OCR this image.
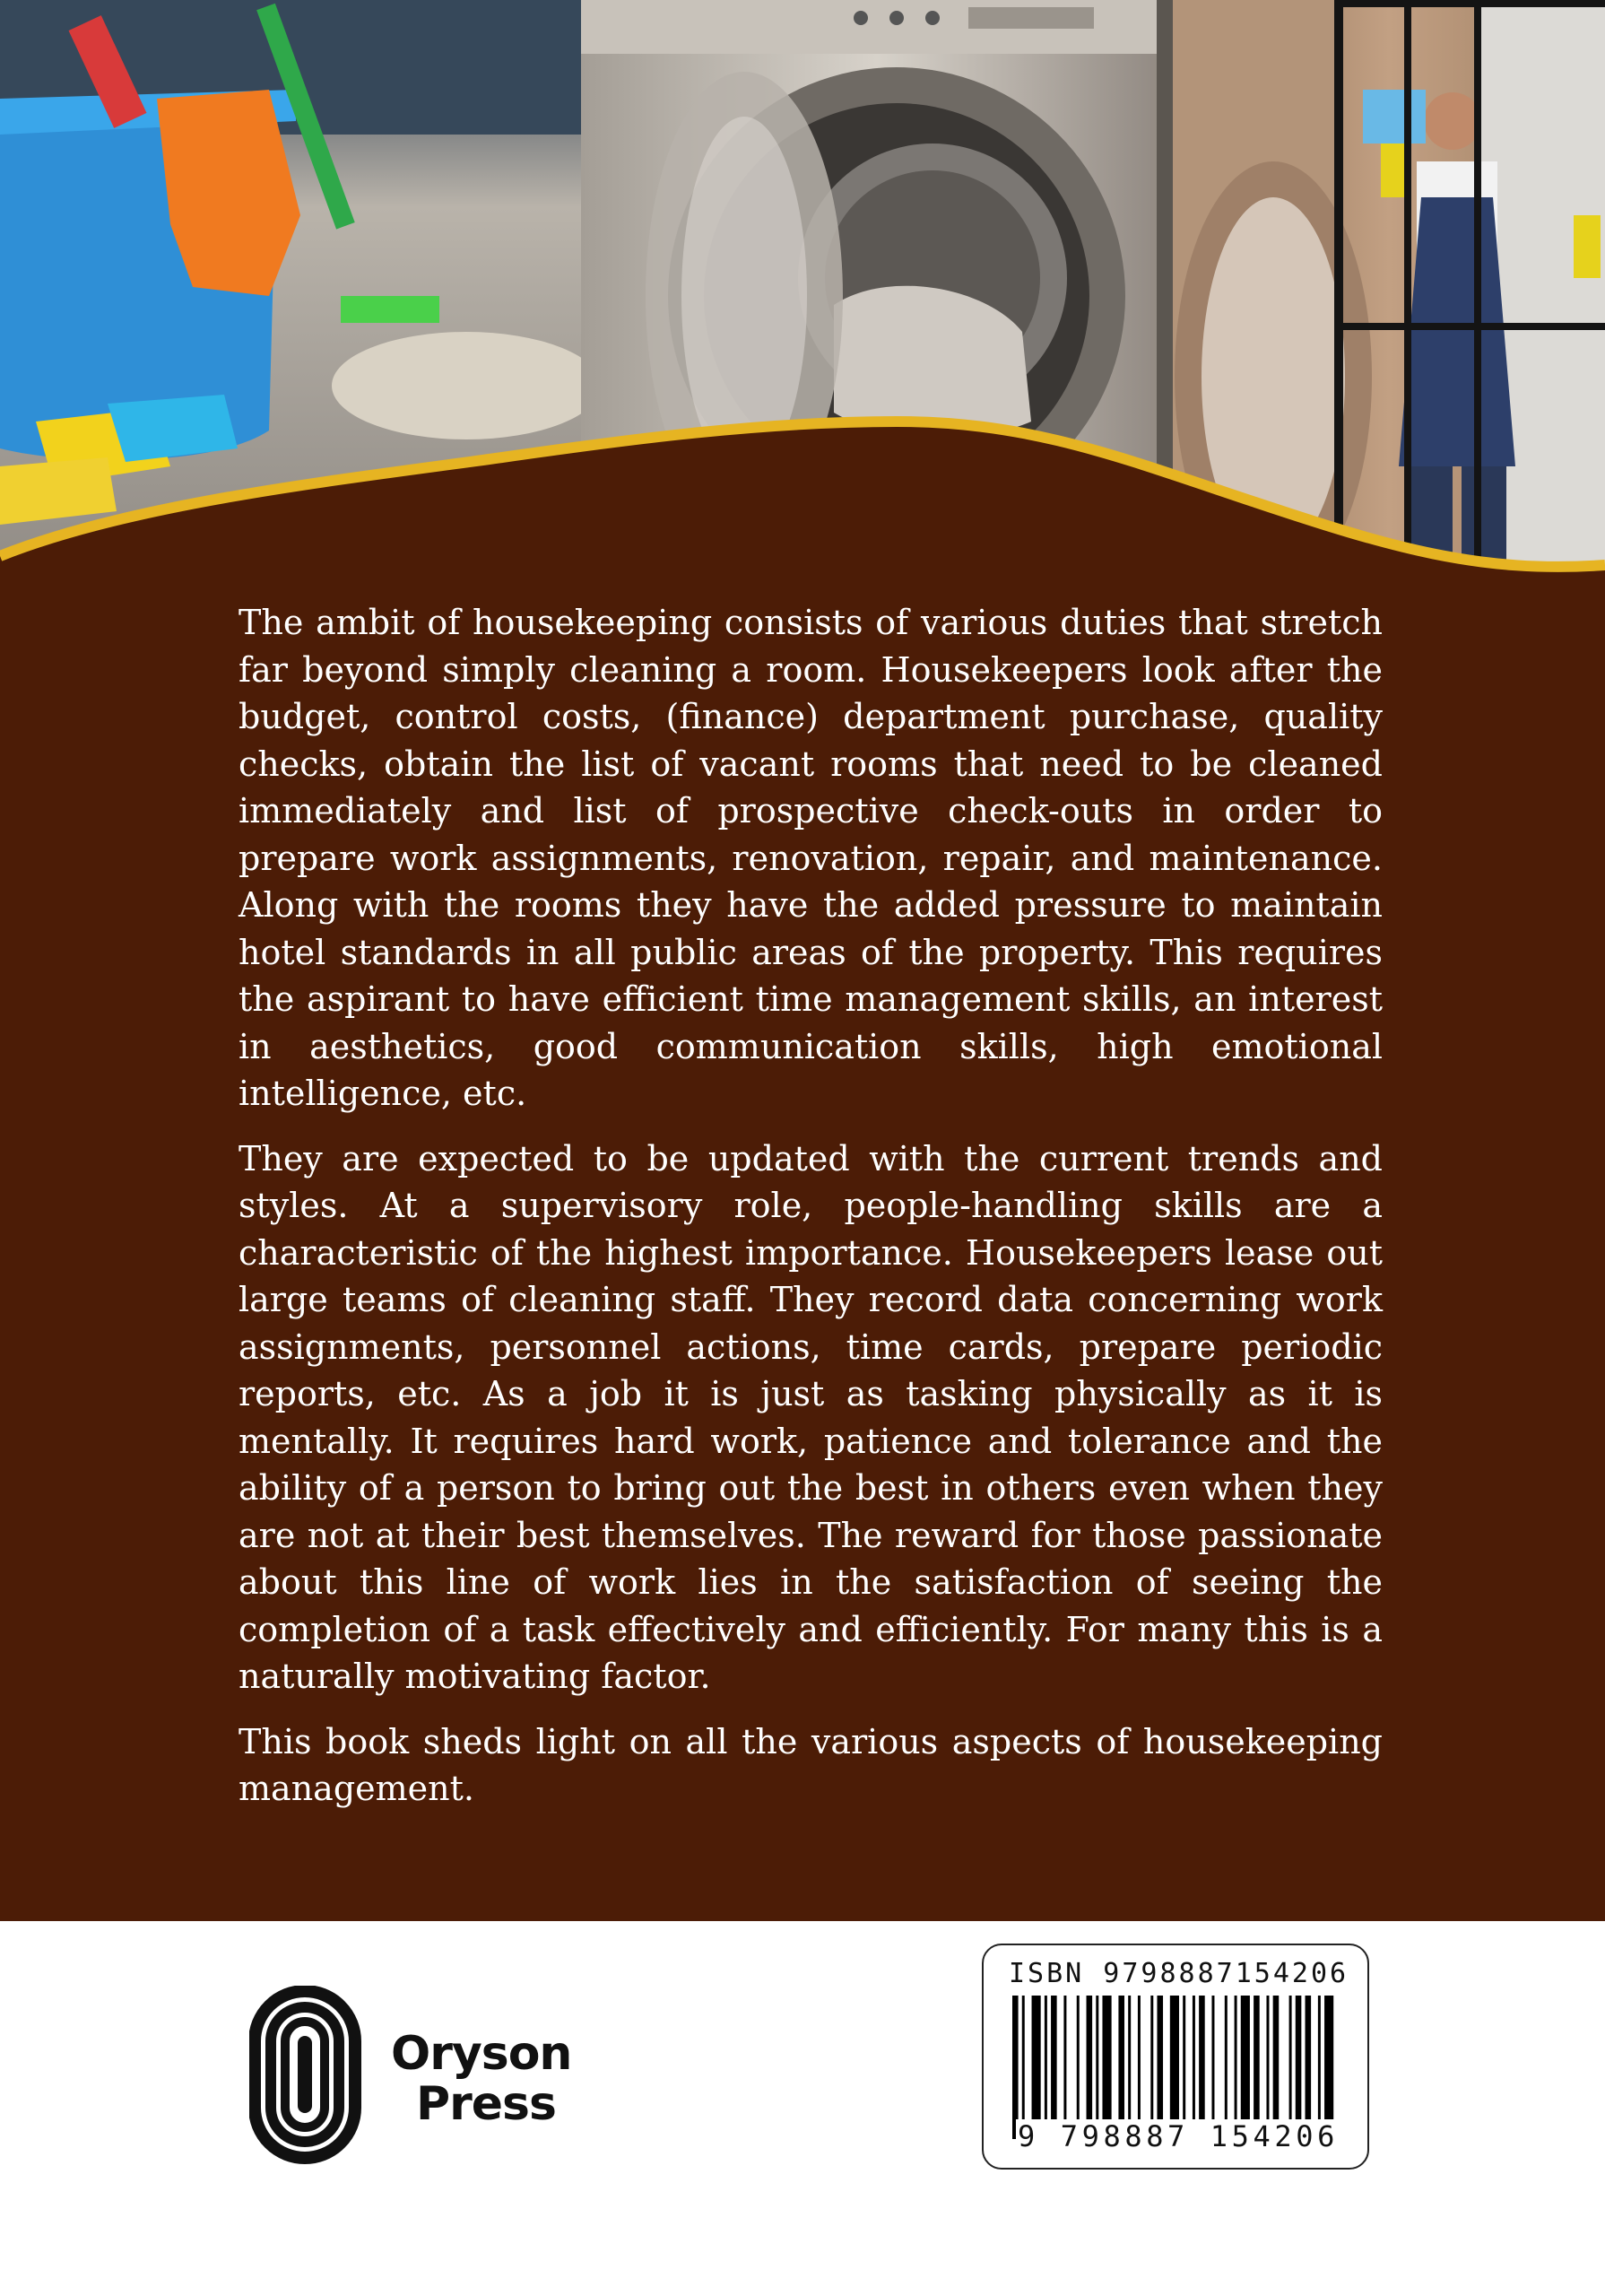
The ambit of housekeeping consists of various duties that stretch far beyond simply cleaning a room. Housekeepers look after the budget, control costs, (finance) department purchase, quality checks, obtain the list of vacant rooms that need to be cleaned immediately and list of prospective check-outs in order to prepare work assignments, renovation, repair, and maintenance. Along with the rooms they have the added pressure to maintain hotel standards in all public areas of the property. This requires the aspirant to have efficient time management skills, an interest in aesthetics, good communication skills, high emotional intelligence, etc.

They are expected to be updated with the current trends and styles. At a supervisory role, people-handling skills are a characteristic of the highest importance. Housekeepers lease out large teams of cleaning staff. They record data concerning work assignments, personnel actions, time cards, prepare periodic reports, etc. As a job it is just as tasking physically as it is mentally. It requires hard work, patience and tolerance and the ability of a person to bring out the best in others even when they are not at their best themselves. The reward for those passionate about this line of work lies in the satisfaction of seeing the completion of a task effectively and efficiently. For many this is a naturally motivating factor.

This book sheds light on all the various aspects of housekeeping management.

Oryson
Press
ISBN 9798887154206
9 798887 154206
